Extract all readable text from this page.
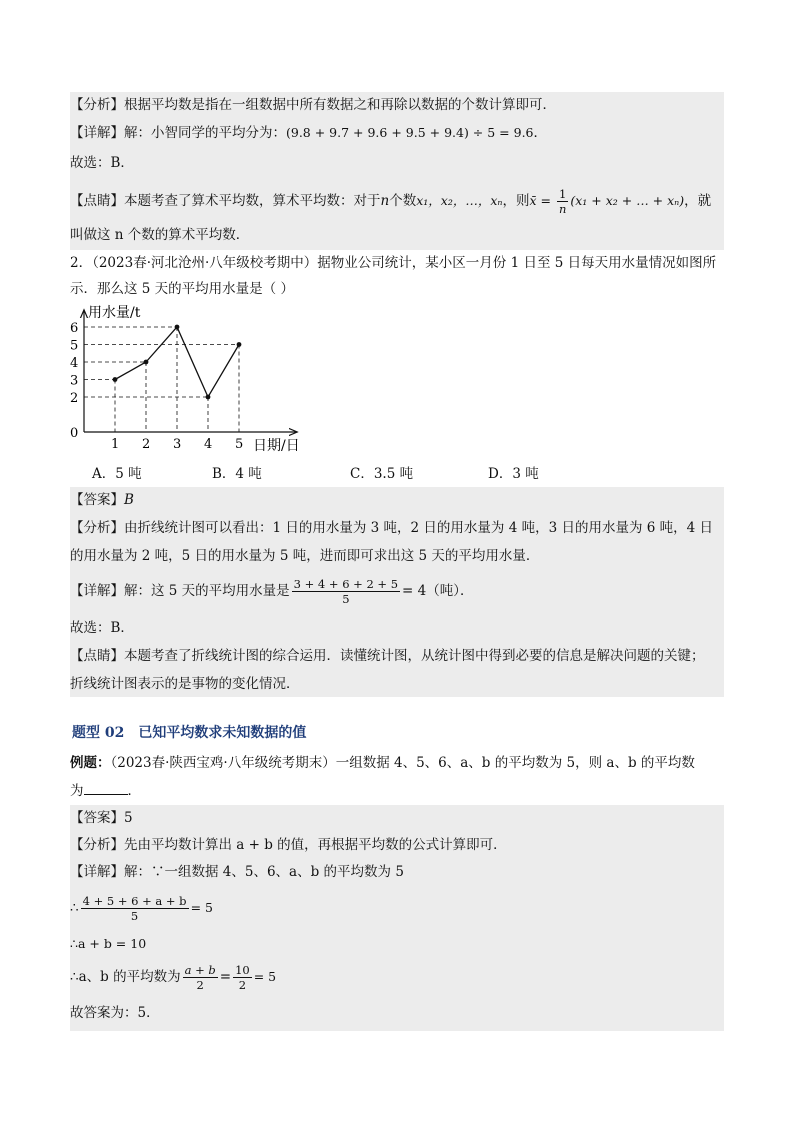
【分析】根据平均数是指在一组数据中所有数据之和再除以数据的个数计算即可．
【详解】解：小智同学的平均分为：(9.8 + 9.7 + 9.6 + 9.5 + 9.4) ÷ 5 = 9.6．
故选：B．
【点睛】本题考查了算术平均数，算术平均数：对于n个数x₁，x₂，…，xₙ，则x̄ = $\frac{1}{n} (x_1 + x_2$ + … + xₙ)，就
叫做这 n 个数的算术平均数．
2．（2023春·河北沧州·八年级校考期中）据物业公司统计，某小区一月份 1 日至 5 日每天用水量情况如图所
示．那么这 5 天的平均用水量是（ ）
用水量/t
日期/日
0
2
3
4
5
6
1 2 3 4 5
A．5 吨	B．4 吨	C．3.5 吨	D．3 吨
【答案】B
【分析】由折线统计图可以看出：1 日的用水量为 3 吨，2 日的用水量为 4 吨，3 日的用水量为 6 吨，4 日
的用水量为 2 吨，5 日的用水量为 5 吨，进而即可求出这 5 天的平均用水量．
【详解】解：这 5 天的平均用水量是 $\frac{3 + 4 + 6 + 2 + 5}{5} = 4$（吨）．
故选：B．
【点睛】本题考查了折线统计图的综合运用．读懂统计图，从统计图中得到必要的信息是解决问题的关键；
折线统计图表示的是事物的变化情况．
题型 02　已知平均数求未知数据的值
例题：（2023春·陕西宝鸡·八年级统考期末）一组数据 4、5、6、a、b 的平均数为 5，则 a、b 的平均数
为	．
【答案】5
【分析】先由平均数计算出 a + b 的值，再根据平均数的公式计算即可．
【详解】解：∵一组数据 4、5、6、a、b 的平均数为 5
∴ $\frac{4 + 5 + 6 + a + b}{5} = 5$
∴a + b = 10
∴a、b 的平均数为 $\frac{a + b}{2} = \frac{10}{2} = 5$
故答案为：5．
